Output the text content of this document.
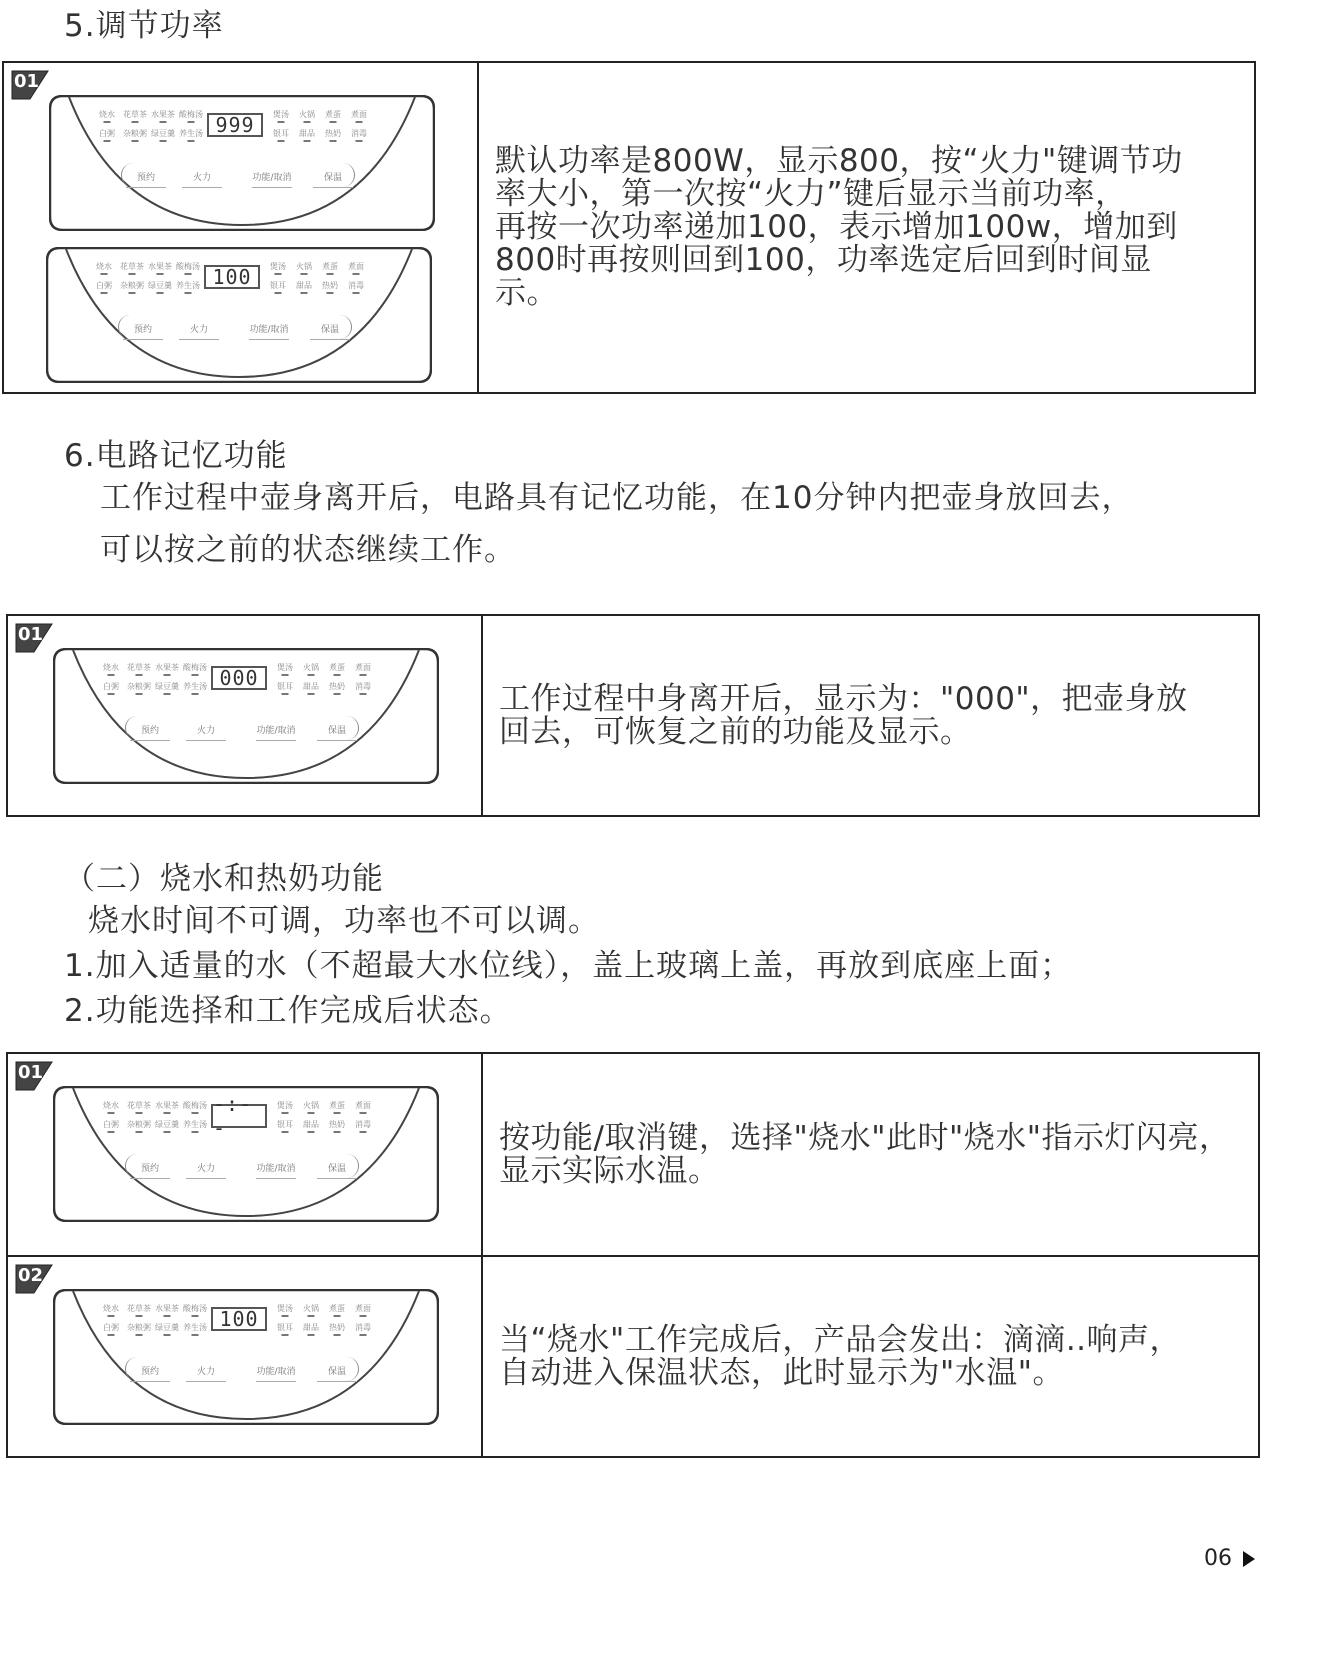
5.调节功率
01
烧水 花草茶 水果茶 酸梅汤
白粥 杂粮粥 绿豆羹 养生汤
煲汤 火锅 煮蛋 煮面
银耳 甜品 热奶 消毒
999
预约	火力	功能/取消	保温
烧水 花草茶 水果茶 酸梅汤
白粥 杂粮粥 绿豆羹 养生汤
煲汤 火锅 煮蛋 煮面
银耳 甜品 热奶 消毒
100
预约	火力	功能/取消	保温
默认功率是800W，显示800，按“火力"键调节功
率大小，第一次按“火力”键后显示当前功率，
再按一次功率递加100，表示增加100w，增加到
800时再按则回到100，功率选定后回到时间显
示。
6.电路记忆功能
工作过程中壶身离开后，电路具有记忆功能，在10分钟内把壶身放回去，
可以按之前的状态继续工作。
01
烧水 花草茶 水果茶 酸梅汤
白粥 杂粮粥 绿豆羹 养生汤
煲汤 火锅 煮蛋 煮面
银耳 甜品 热奶 消毒
000
预约	火力	功能/取消	保温
工作过程中身离开后，显示为："000"，把壶身放
回去，可恢复之前的功能及显示。
（二）烧水和热奶功能
烧水时间不可调，功率也不可以调。
1.加入适量的水（不超最大水位线），盖上玻璃上盖，再放到底座上面；
2.功能选择和工作完成后状态。
01
烧水 花草茶 水果茶 酸梅汤
白粥 杂粮粥 绿豆羹 养生汤
煲汤 火锅 煮蛋 煮面
银耳 甜品 热奶 消毒
-:--
预约	火力	功能/取消	保温
02
烧水 花草茶 水果茶 酸梅汤
白粥 杂粮粥 绿豆羹 养生汤
煲汤 火锅 煮蛋 煮面
银耳 甜品 热奶 消毒
100
预约	火力	功能/取消	保温
按功能/取消键，选择"烧水"此时"烧水"指示灯闪亮，
显示实际水温。
当“烧水"工作完成后，产品会发出：滴滴..响声，
自动进入保温状态，此时显示为"水温"。
06
